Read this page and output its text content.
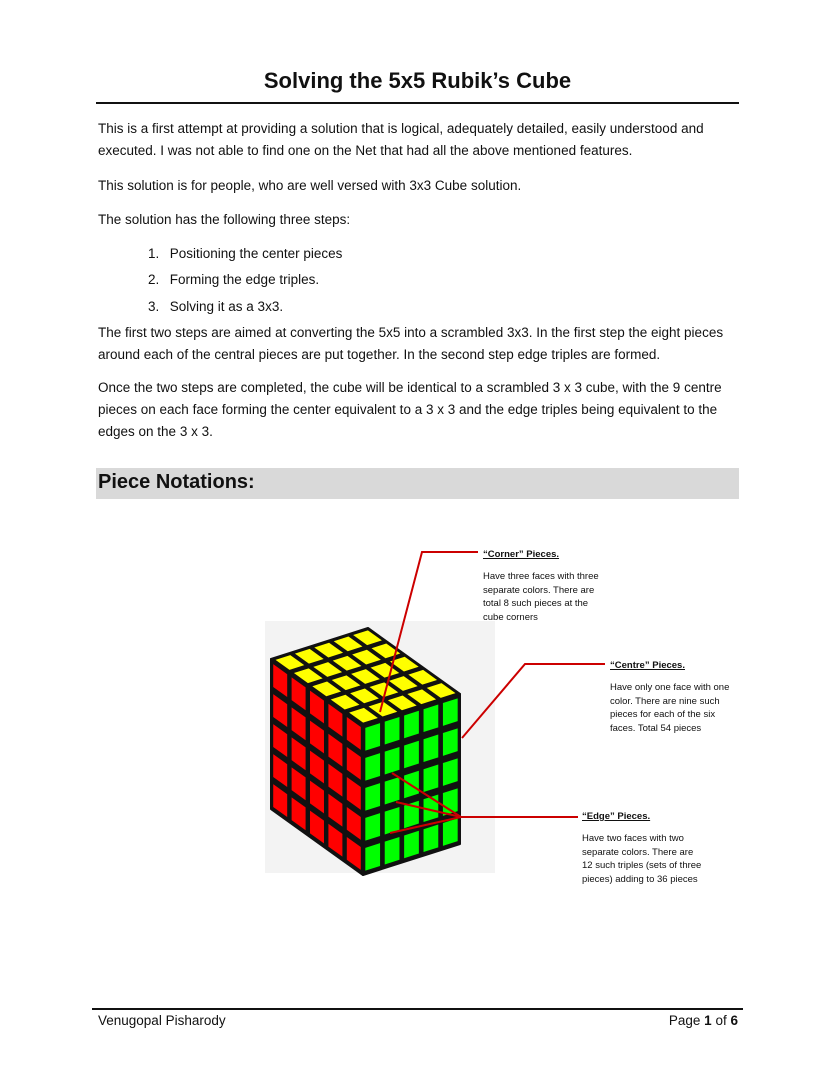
Solving the 5x5 Rubik’s Cube

This is a first attempt at providing a solution that is logical, adequately detailed, easily understood and executed. I was not able to find one on the Net that had all the above mentioned features.

This solution is for people, who are well versed with 3x3 Cube solution.

The solution has the following three steps:

1. Positioning the center pieces
2. Forming the edge triples.
3. Solving it as a 3x3.

The first two steps are aimed at converting the 5x5 into a scrambled 3x3. In the first step the eight pieces around each of the central pieces are put together. In the second step edge triples are formed.

Once the two steps are completed, the cube will be identical to a scrambled 3 x 3 cube, with the 9 centre pieces on each face forming the center equivalent to a 3 x 3 and the edge triples being equivalent to the edges on the 3 x 3.

Piece Notations:
“Corner” Pieces.
Have three faces with three
separate colors. There are
total 8 such pieces at the
cube corners
“Centre” Pieces.
Have only one face with one
color. There are nine such
pieces for each of the six
faces. Total 54 pieces
“Edge” Pieces.
Have two faces with two
separate colors. There are
12 such triples (sets of three
pieces) adding to 36 pieces
Venugopal Pisharody	Page 1 of 6
